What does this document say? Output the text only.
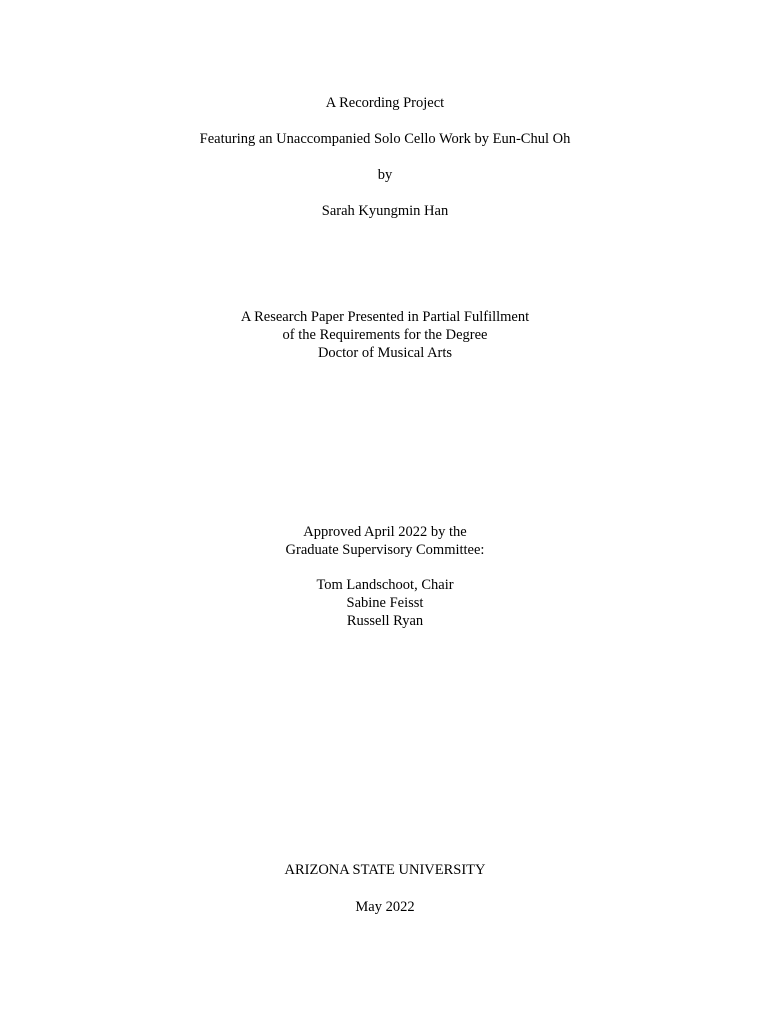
A Recording Project
Featuring an Unaccompanied Solo Cello Work by Eun-Chul Oh
by
Sarah Kyungmin Han
A Research Paper Presented in Partial Fulfillment
of the Requirements for the Degree
Doctor of Musical Arts
Approved April 2022 by the
Graduate Supervisory Committee:
Tom Landschoot, Chair
Sabine Feisst
Russell Ryan
ARIZONA STATE UNIVERSITY
May 2022
